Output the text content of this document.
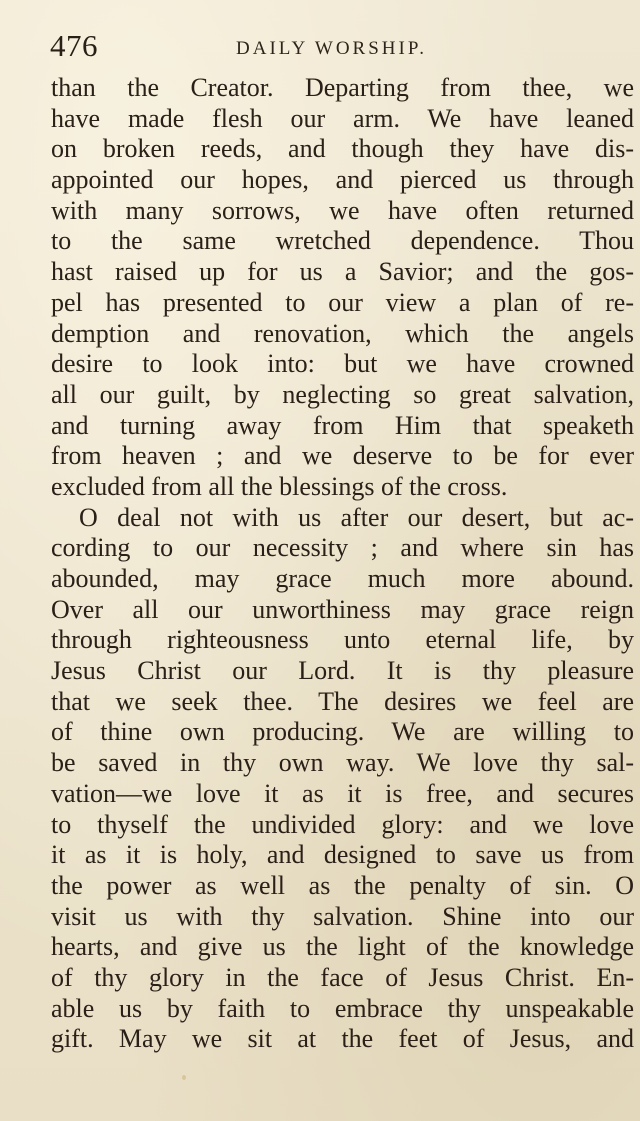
476	DAILY WORSHIP.
than the Creator. Departing from thee, we
have made flesh our arm. We have leaned
on broken reeds, and though they have dis-
appointed our hopes, and pierced us through
with many sorrows, we have often returned
to the same wretched dependence. Thou
hast raised up for us a Savior; and the gos-
pel has presented to our view a plan of re-
demption and renovation, which the angels
desire to look into: but we have crowned
all our guilt, by neglecting so great salvation,
and turning away from Him that speaketh
from heaven ; and we deserve to be for ever
excluded from all the blessings of the cross.
O deal not with us after our desert, but ac-
cording to our necessity ; and where sin has
abounded, may grace much more abound.
Over all our unworthiness may grace reign
through righteousness unto eternal life, by
Jesus Christ our Lord. It is thy pleasure
that we seek thee. The desires we feel are
of thine own producing. We are willing to
be saved in thy own way. We love thy sal-
vation—we love it as it is free, and secures
to thyself the undivided glory: and we love
it as it is holy, and designed to save us from
the power as well as the penalty of sin. O
visit us with thy salvation. Shine into our
hearts, and give us the light of the knowledge
of thy glory in the face of Jesus Christ. En-
able us by faith to embrace thy unspeakable
gift. May we sit at the feet of Jesus, and
